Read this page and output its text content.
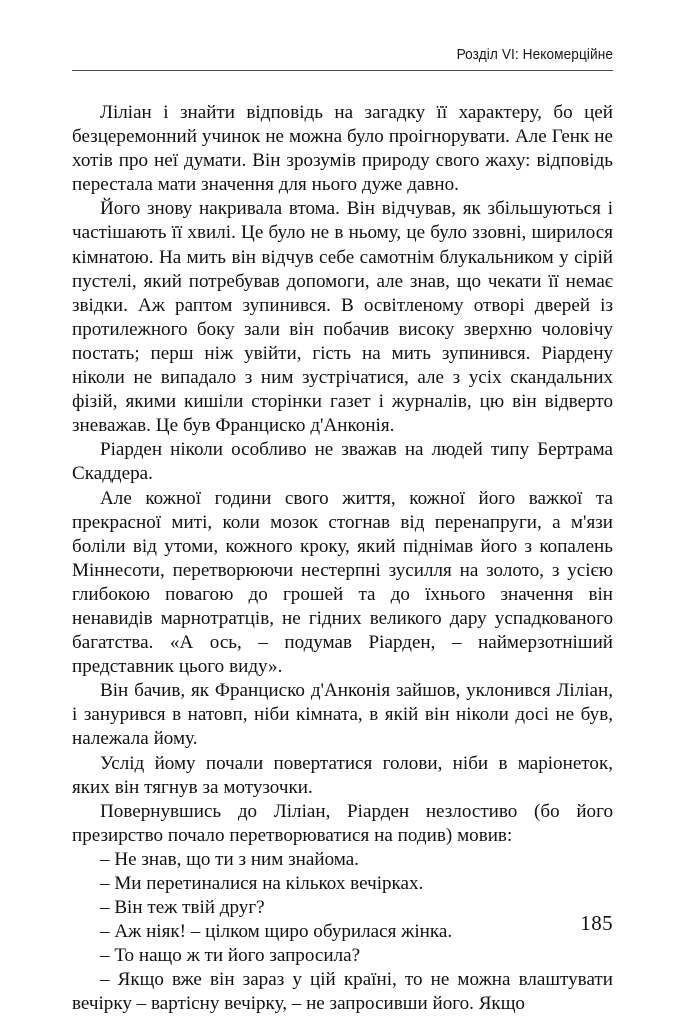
Розділ VI: Некомерційне

Ліліан і знайти відповідь на загадку її характеру, бо цей безцеремонний учинок не можна було проігнорувати. Але Генк не хотів про неї думати. Він зрозумів природу свого жаху: відповідь перестала мати значення для нього дуже давно.

Його знову накривала втома. Він відчував, як збільшуються і частішають її хвилі. Це було не в ньому, це було ззовні, ширилося кімнатою. На мить він відчув себе самотнім блукальником у сірій пустелі, який потребував допомоги, але знав, що чекати її немає звідки. Аж раптом зупинився. В освітленому отворі дверей із протилежного боку зали він побачив високу зверхню чоловічу постать; перш ніж увійти, гість на мить зупинився. Ріардену ніколи не випадало з ним зустрічатися, але з усіх скандальних фізій, якими кишіли сторінки газет і журналів, цю він відверто зневажав. Це був Франциско д'Анконія.

Ріарден ніколи особливо не зважав на людей типу Бертрама Скаддера.

Але кожної години свого життя, кожної його важкої та прекрасної миті, коли мозок стогнав від перенапруги, а м'язи боліли від утоми, кожного кроку, який піднімав його з копалень Міннесоти, перетворюючи нестерпні зусилля на золото, з усією глибокою повагою до грошей та до їхнього значення він ненавидів марнотратців, не гідних великого дару успадкованого багатства. «А ось, – подумав Ріарден, – наймерзотніший представник цього виду».

Він бачив, як Франциско д'Анконія зайшов, уклонився Ліліан, і занурився в натовп, ніби кімната, в якій він ніколи досі не був, належала йому.

Услід йому почали повертатися голови, ніби в маріонеток, яких він тягнув за мотузочки.

Повернувшись до Ліліан, Ріарден незлостиво (бо його презирство почало перетворюватися на подив) мовив:

– Не знав, що ти з ним знайома.

– Ми перетиналися на кількох вечірках.

– Він теж твій друг?

– Аж ніяк! – цілком щиро обурилася жінка.

– То нащо ж ти його запросила?

– Якщо вже він зараз у цій країні, то не можна влаштувати вечірку – вартісну вечірку, – не запросивши його. Якщо

185
